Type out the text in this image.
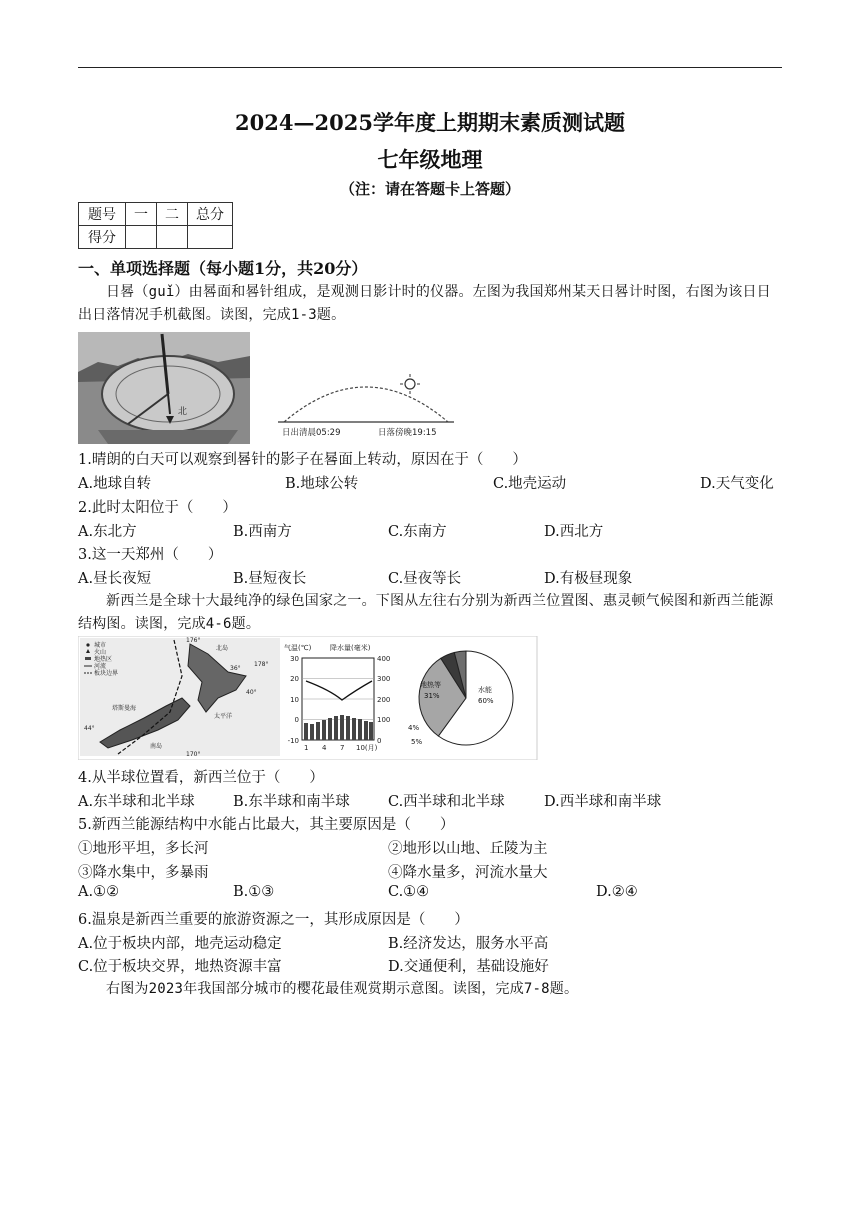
2024—2025学年度上期期末素质测试题
七年级地理
（注：请在答题卡上答题）
题号	一	二	总分
得分			
一、单项选择题（每小题1分，共20分）
日晷（guǐ）由晷面和晷针组成，是观测日影计时的仪器。左图为我国郑州某天日晷计时图，右图为该日日出日落情况手机截图。读图，完成1-3题。
北
日出清晨05:29	日落傍晚19:15
1.晴朗的白天可以观察到晷针的影子在晷面上转动，原因在于（　　）
A.地球自转	B.地球公转	C.地壳运动	D.天气变化
2.此时太阳位于（　　）
A.东北方	B.西南方	C.东南方	D.西北方
3.这一天郑州（　　）
A.昼长夜短	B.昼短夜长	C.昼夜等长	D.有极昼现象
新西兰是全球十大最纯净的绿色国家之一。下图从左往右分别为新西兰位置图、惠灵顿气候图和新西兰能源结构图。读图，完成4-6题。
城市
火山
地热区
河流
板块边界
176°
178°
170°
36°
40°
44°
北岛
南岛
太平洋
塔斯曼海
气温(℃)	降水量(毫米)
30
20
10
0
-10
400
300
200
100
0
1 4 7 10(月)
水能
60%
地热等
31%
5%
4%
4.从半球位置看，新西兰位于（　　）
A.东半球和北半球	B.东半球和南半球	C.西半球和北半球	D.西半球和南半球
5.新西兰能源结构中水能占比最大，其主要原因是（　　）
①地形平坦，多长河	②地形以山地、丘陵为主
③降水集中，多暴雨	④降水量多，河流水量大
A.①②	B.①③	C.①④	D.②④
6.温泉是新西兰重要的旅游资源之一，其形成原因是（　　）
A.位于板块内部，地壳运动稳定	B.经济发达，服务水平高
C.位于板块交界，地热资源丰富	D.交通便利，基础设施好
右图为2023年我国部分城市的樱花最佳观赏期示意图。读图，完成7-8题。
